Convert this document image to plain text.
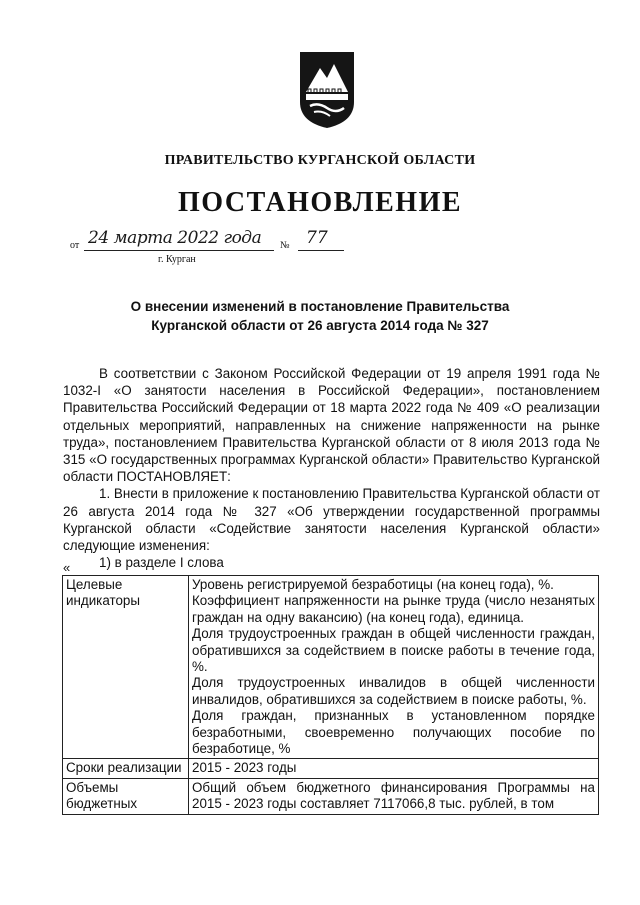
ПРАВИТЕЛЬСТВО КУРГАНСКОЙ ОБЛАСТИ
ПОСТАНОВЛЕНИЕ
от 24 марта 2022 года № 77
г. Курган
О внесении изменений в постановление Правительства
Курганской области от 26 августа 2014 года № 327

В соответствии с Законом Российской Федерации от 19 апреля 1991 года № 1032-I «О занятости населения в Российской Федерации», постановлением Правительства Российский Федерации от 18 марта 2022 года № 409 «О реализации отдельных мероприятий, направленных на снижение напряженности на рынке труда», постановлением Правительства Курганской области от 8 июля 2013 года № 315 «О государственных программах Курганской области» Правительство Курганской области ПОСТАНОВЛЯЕТ:

1. Внести в приложение к постановлению Правительства Курганской области от 26 августа 2014 года № 327 «Об утверждении государственной программы Курганской области «Содействие занятости населения Курганской области» следующие изменения:

1) в разделе I слова

«
Целевые индикаторы	Уровень регистрируемой безработицы (на конец года), %.

Коэффициент напряженности на рынке труда (число незанятых граждан на одну вакансию) (на конец года), единица.

Доля трудоустроенных граждан в общей численности граждан, обратившихся за содействием в поиске работы в течение года, %.

Доля трудоустроенных инвалидов в общей численности инвалидов, обратившихся за содействием в поиске работы, %.

Доля граждан, признанных в установленном порядке безработными, своевременно получающих пособие по безработице, %

Сроки реализации	2015 - 2023 годы

Объемы бюджетных	Общий объем бюджетного финансирования Программы на 2015 - 2023 годы составляет 7117066,8 тыс. рублей, в том
